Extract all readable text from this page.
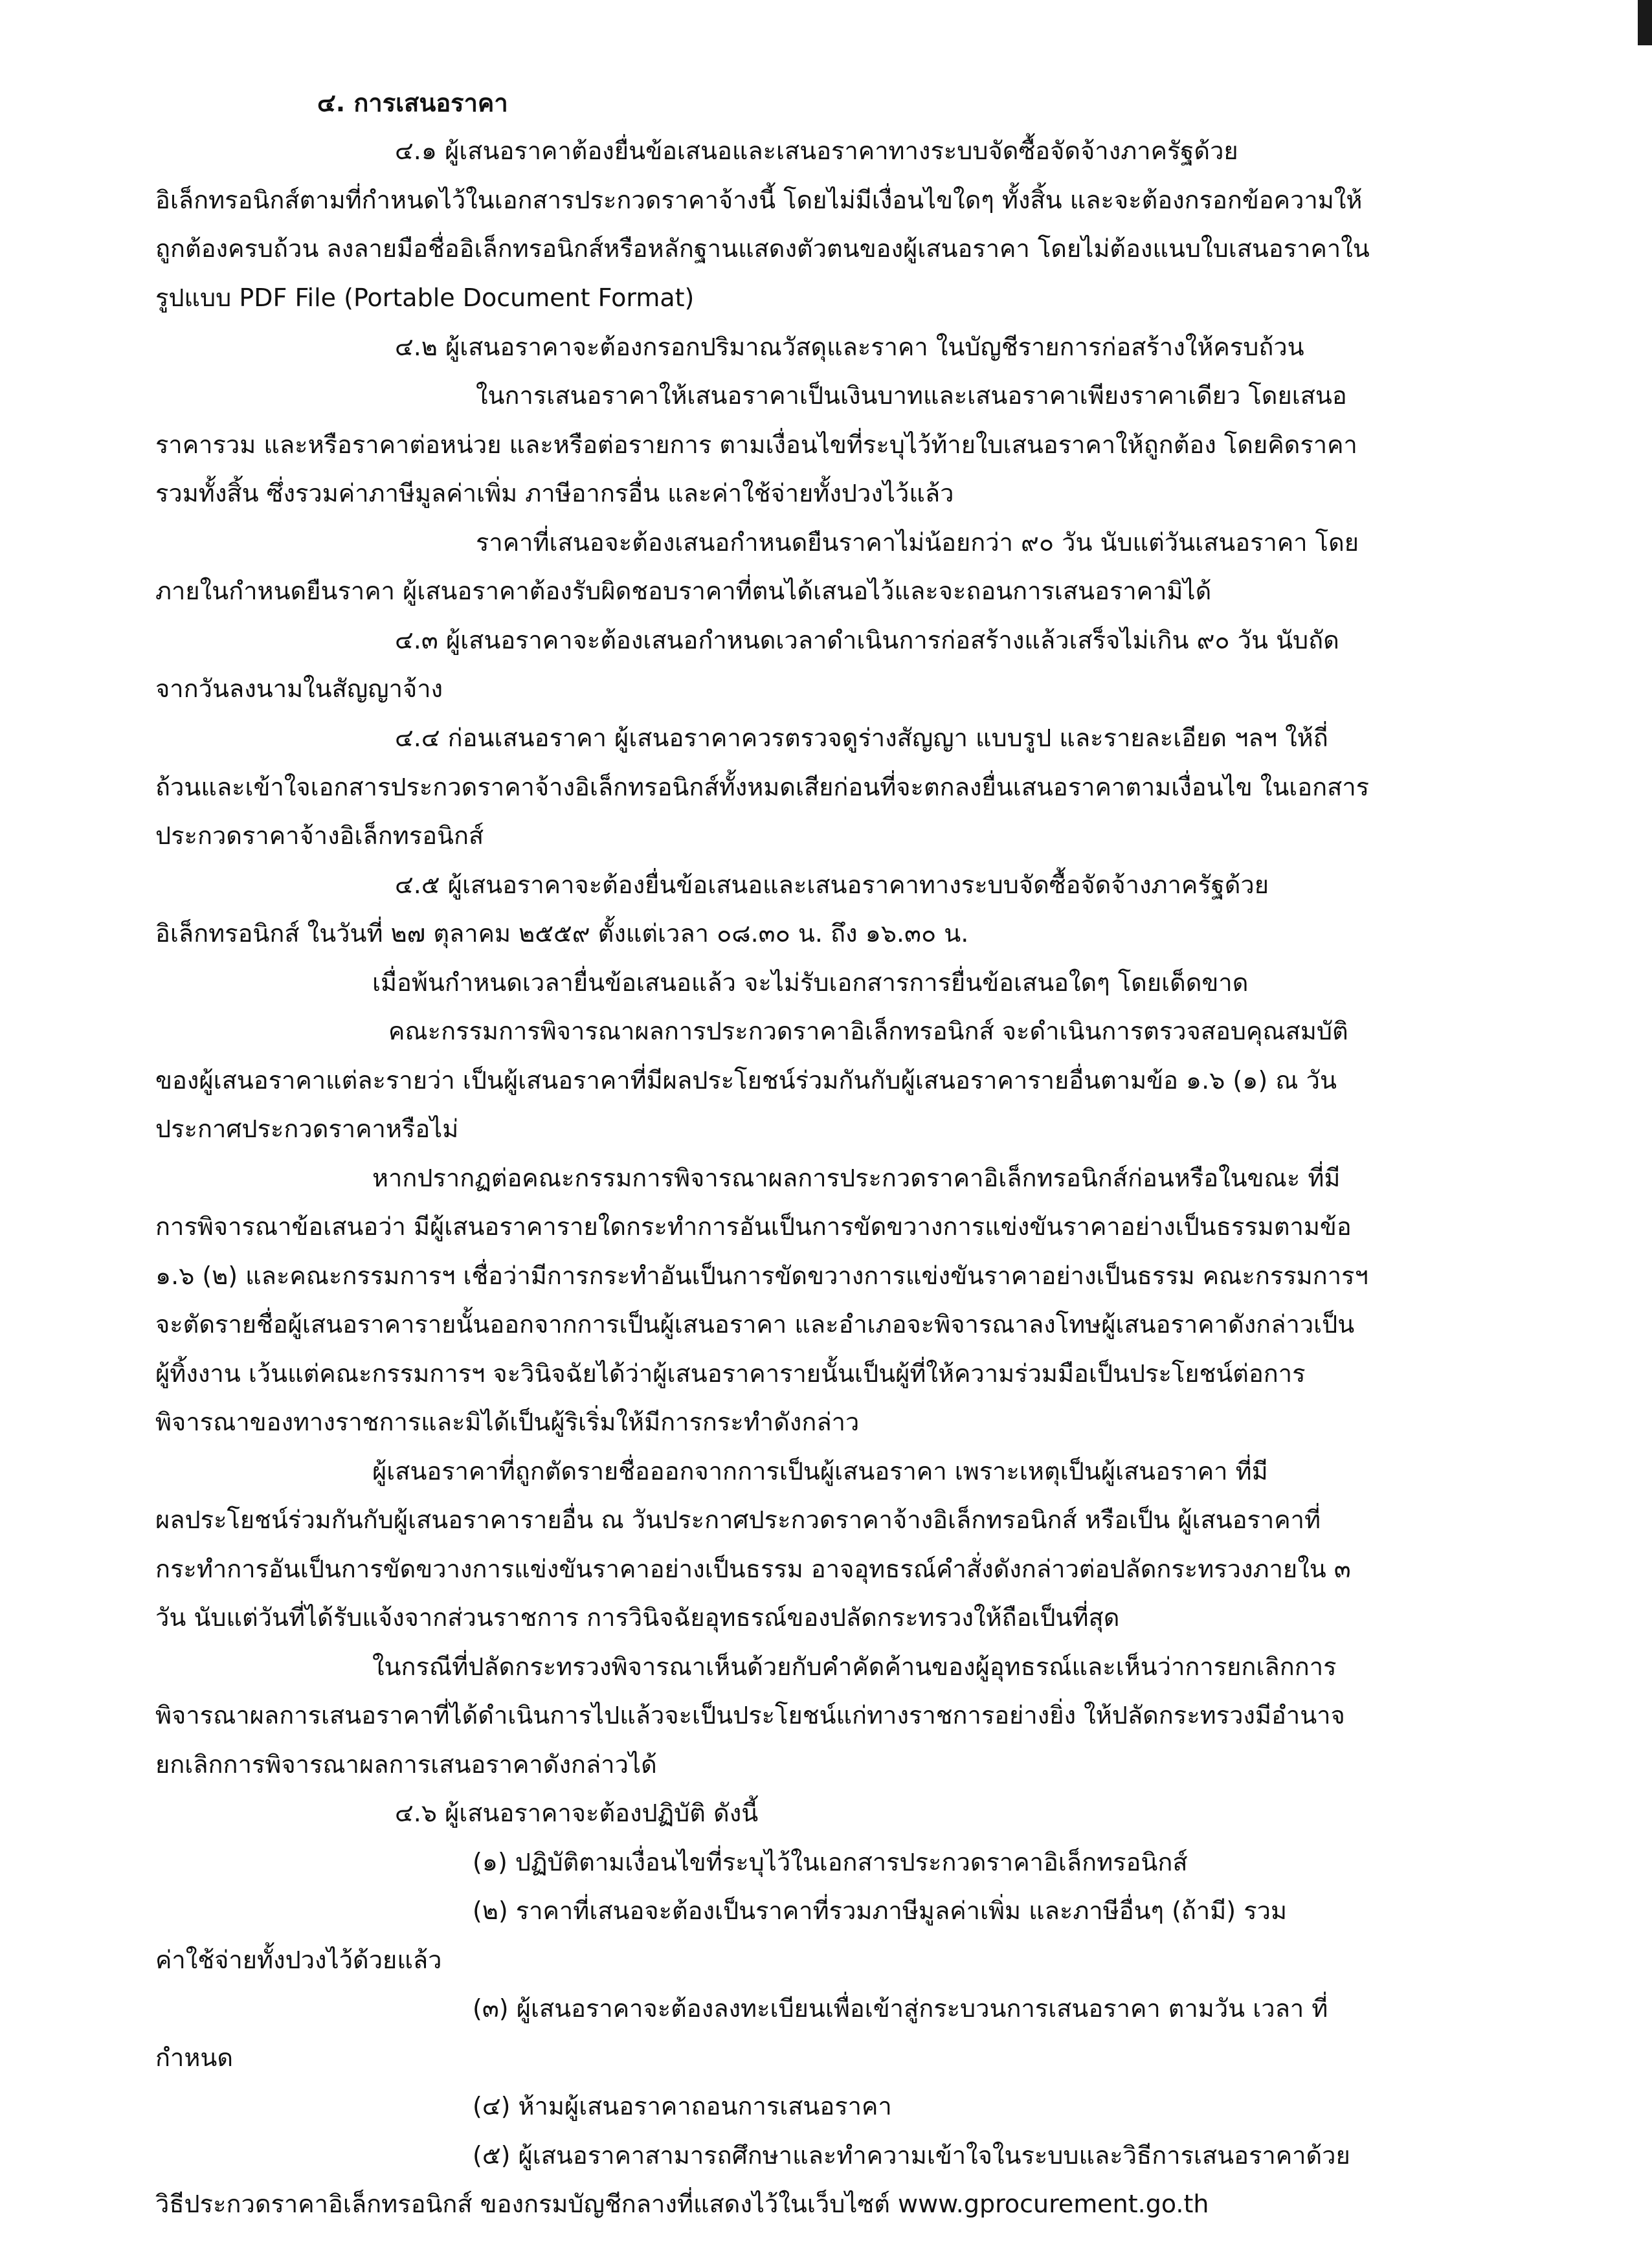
๔. การเสนอราคา
๔.๑ ผู้เสนอราคาต้องยื่นข้อเสนอและเสนอราคาทางระบบจัดซื้อจัดจ้างภาครัฐด้วย
อิเล็กทรอนิกส์ตามที่กำหนดไว้ในเอกสารประกวดราคาจ้างนี้ โดยไม่มีเงื่อนไขใดๆ ทั้งสิ้น และจะต้องกรอกข้อความให้
ถูกต้องครบถ้วน ลงลายมือชื่ออิเล็กทรอนิกส์หรือหลักฐานแสดงตัวตนของผู้เสนอราคา โดยไม่ต้องแนบใบเสนอราคาใน
รูปแบบ PDF File (Portable Document Format)
๔.๒ ผู้เสนอราคาจะต้องกรอกปริมาณวัสดุและราคา ในบัญชีรายการก่อสร้างให้ครบถ้วน
ในการเสนอราคาให้เสนอราคาเป็นเงินบาทและเสนอราคาเพียงราคาเดียว โดยเสนอ
ราคารวม และหรือราคาต่อหน่วย และหรือต่อรายการ ตามเงื่อนไขที่ระบุไว้ท้ายใบเสนอราคาให้ถูกต้อง โดยคิดราคา
รวมทั้งสิ้น ซึ่งรวมค่าภาษีมูลค่าเพิ่ม ภาษีอากรอื่น และค่าใช้จ่ายทั้งปวงไว้แล้ว
ราคาที่เสนอจะต้องเสนอกำหนดยืนราคาไม่น้อยกว่า ๙๐ วัน นับแต่วันเสนอราคา โดย
ภายในกำหนดยืนราคา ผู้เสนอราคาต้องรับผิดชอบราคาที่ตนได้เสนอไว้และจะถอนการเสนอราคามิได้
๔.๓ ผู้เสนอราคาจะต้องเสนอกำหนดเวลาดำเนินการก่อสร้างแล้วเสร็จไม่เกิน ๙๐ วัน นับถัด
จากวันลงนามในสัญญาจ้าง
๔.๔ ก่อนเสนอราคา ผู้เสนอราคาควรตรวจดูร่างสัญญา แบบรูป และรายละเอียด ฯลฯ ให้ถี่
ถ้วนและเข้าใจเอกสารประกวดราคาจ้างอิเล็กทรอนิกส์ทั้งหมดเสียก่อนที่จะตกลงยื่นเสนอราคาตามเงื่อนไข ในเอกสาร
ประกวดราคาจ้างอิเล็กทรอนิกส์
๔.๕ ผู้เสนอราคาจะต้องยื่นข้อเสนอและเสนอราคาทางระบบจัดซื้อจัดจ้างภาครัฐด้วย
อิเล็กทรอนิกส์ ในวันที่ ๒๗ ตุลาคม ๒๕๕๙ ตั้งแต่เวลา ๐๘.๓๐ น. ถึง ๑๖.๓๐ น.
เมื่อพ้นกำหนดเวลายื่นข้อเสนอแล้ว จะไม่รับเอกสารการยื่นข้อเสนอใดๆ โดยเด็ดขาด
คณะกรรมการพิจารณาผลการประกวดราคาอิเล็กทรอนิกส์ จะดำเนินการตรวจสอบคุณสมบัติ
ของผู้เสนอราคาแต่ละรายว่า เป็นผู้เสนอราคาที่มีผลประโยชน์ร่วมกันกับผู้เสนอราคารายอื่นตามข้อ ๑.๖ (๑) ณ วัน
ประกาศประกวดราคาหรือไม่
หากปรากฏต่อคณะกรรมการพิจารณาผลการประกวดราคาอิเล็กทรอนิกส์ก่อนหรือในขณะ ที่มี
การพิจารณาข้อเสนอว่า มีผู้เสนอราคารายใดกระทำการอันเป็นการขัดขวางการแข่งขันราคาอย่างเป็นธรรมตามข้อ
๑.๖ (๒) และคณะกรรมการฯ เชื่อว่ามีการกระทำอันเป็นการขัดขวางการแข่งขันราคาอย่างเป็นธรรม คณะกรรมการฯ
จะตัดรายชื่อผู้เสนอราคารายนั้นออกจากการเป็นผู้เสนอราคา และอำเภอจะพิจารณาลงโทษผู้เสนอราคาดังกล่าวเป็น
ผู้ทิ้งงาน เว้นแต่คณะกรรมการฯ จะวินิจฉัยได้ว่าผู้เสนอราคารายนั้นเป็นผู้ที่ให้ความร่วมมือเป็นประโยชน์ต่อการ
พิจารณาของทางราชการและมิได้เป็นผู้ริเริ่มให้มีการกระทำดังกล่าว
ผู้เสนอราคาที่ถูกตัดรายชื่อออกจากการเป็นผู้เสนอราคา เพราะเหตุเป็นผู้เสนอราคา ที่มี
ผลประโยชน์ร่วมกันกับผู้เสนอราคารายอื่น ณ วันประกาศประกวดราคาจ้างอิเล็กทรอนิกส์ หรือเป็น ผู้เสนอราคาที่
กระทำการอันเป็นการขัดขวางการแข่งขันราคาอย่างเป็นธรรม อาจอุทธรณ์คำสั่งดังกล่าวต่อปลัดกระทรวงภายใน ๓
วัน นับแต่วันที่ได้รับแจ้งจากส่วนราชการ การวินิจฉัยอุทธรณ์ของปลัดกระทรวงให้ถือเป็นที่สุด
ในกรณีที่ปลัดกระทรวงพิจารณาเห็นด้วยกับคำคัดค้านของผู้อุทธรณ์และเห็นว่าการยกเลิกการ
พิจารณาผลการเสนอราคาที่ได้ดำเนินการไปแล้วจะเป็นประโยชน์แก่ทางราชการอย่างยิ่ง ให้ปลัดกระทรวงมีอำนาจ
ยกเลิกการพิจารณาผลการเสนอราคาดังกล่าวได้
๔.๖ ผู้เสนอราคาจะต้องปฏิบัติ ดังนี้
(๑) ปฏิบัติตามเงื่อนไขที่ระบุไว้ในเอกสารประกวดราคาอิเล็กทรอนิกส์
(๒) ราคาที่เสนอจะต้องเป็นราคาที่รวมภาษีมูลค่าเพิ่ม และภาษีอื่นๆ (ถ้ามี) รวม
ค่าใช้จ่ายทั้งปวงไว้ด้วยแล้ว
(๓) ผู้เสนอราคาจะต้องลงทะเบียนเพื่อเข้าสู่กระบวนการเสนอราคา ตามวัน เวลา ที่
กำหนด
(๔) ห้ามผู้เสนอราคาถอนการเสนอราคา
(๕) ผู้เสนอราคาสามารถศึกษาและทำความเข้าใจในระบบและวิธีการเสนอราคาด้วย
วิธีประกวดราคาอิเล็กทรอนิกส์ ของกรมบัญชีกลางที่แสดงไว้ในเว็บไซต์ www.gprocurement.go.th
